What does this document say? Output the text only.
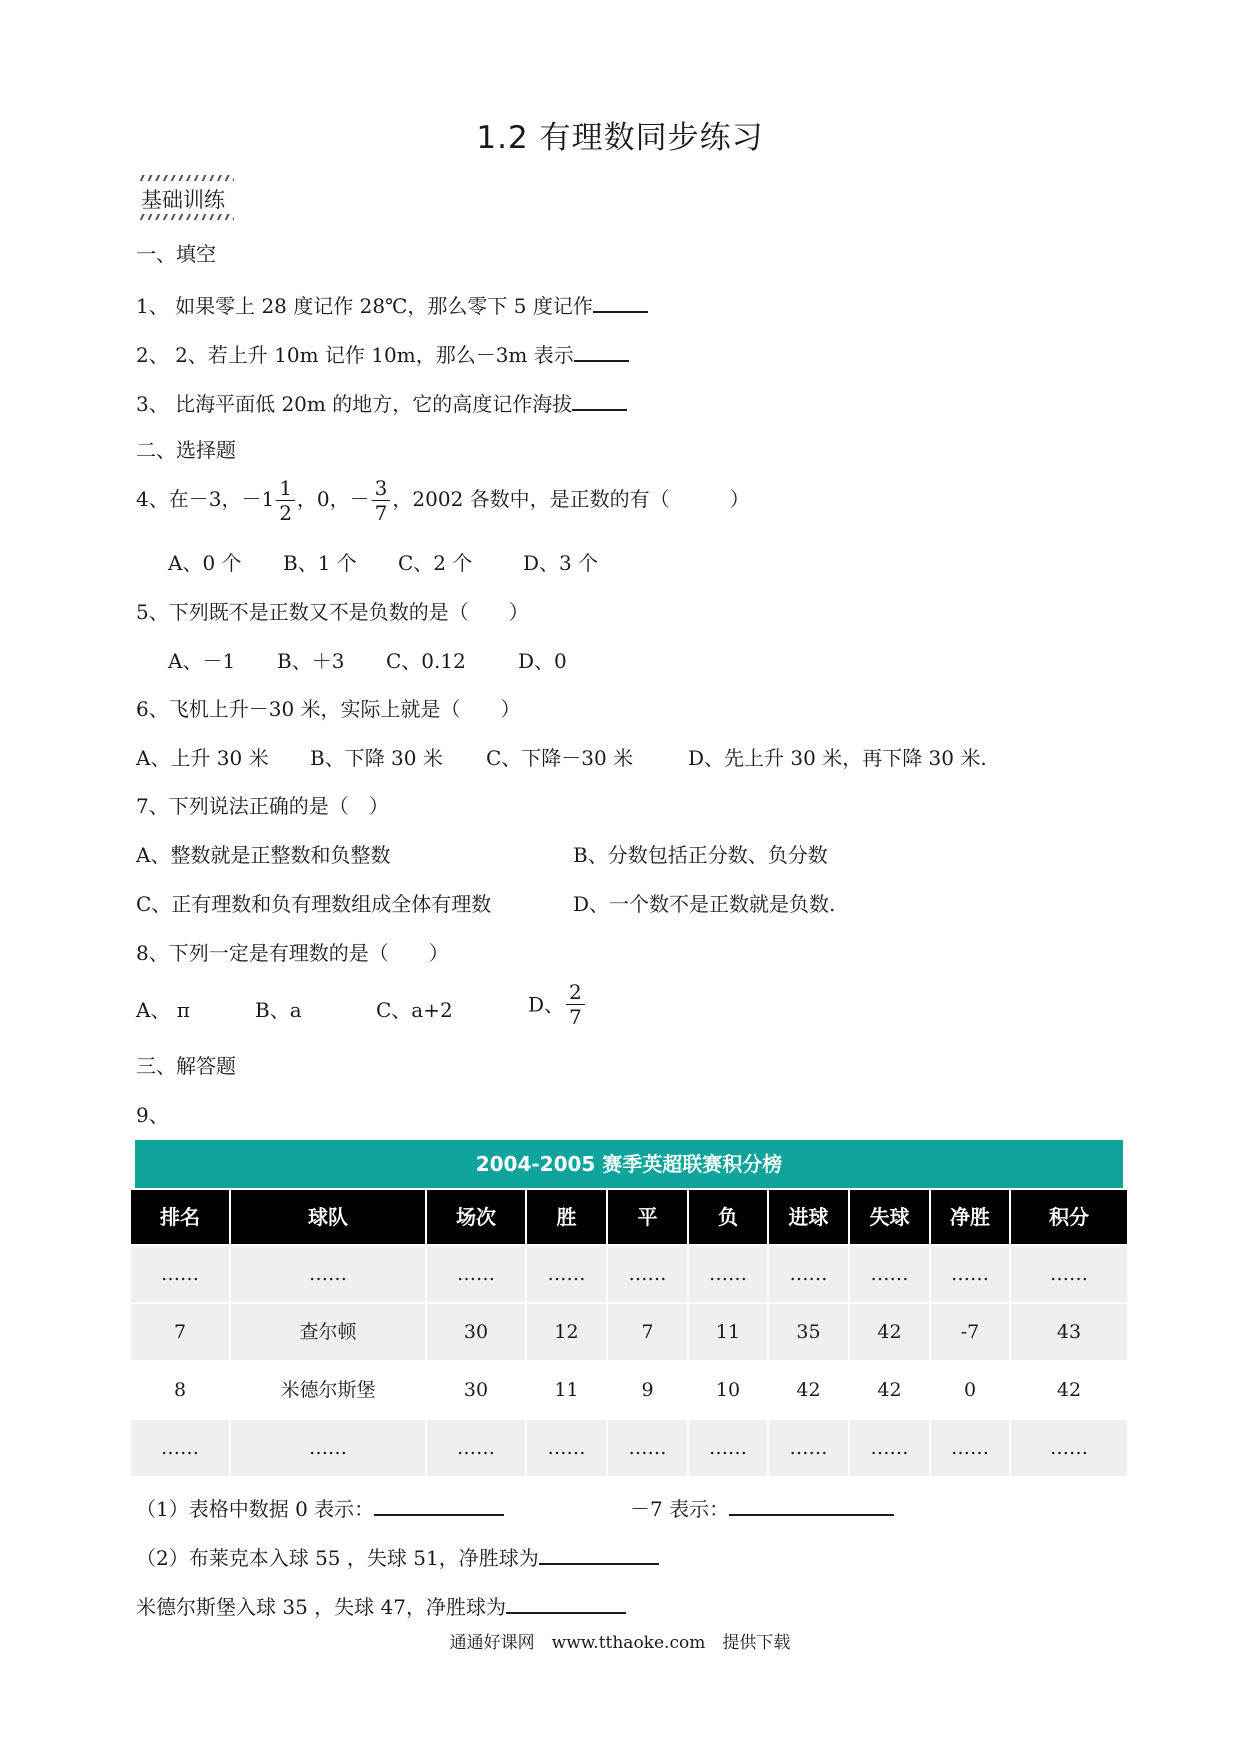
1.2 有理数同步练习
基础训练
一、填空
1、 如果零上 28 度记作 28℃，那么零下 5 度记作
2、 2、若上升 10m 记作 10m，那么－3m 表示
3、 比海平面低 20m 的地方，它的高度记作海拔
二、选择题
4、在－3，$-1 \frac{1}{2}$ ，0，－ $\frac{3}{7}$ ，2002 各数中，是正数的有（　　　）
A、0 个 B、1 个 C、2 个	D、3 个
5、下列既不是正数又不是负数的是（　　）
A、－1 B、＋3 C、0.12	D、0
6、飞机上升－30 米，实际上就是（　　）
A、上升 30 米 B、下降 30 米 C、下降－30 米	D、先上升 30 米，再下降 30 米.
7、下列说法正确的是（　）
A、整数就是正整数和负整数	B、分数包括正分数、负分数
C、正有理数和负有理数组成全体有理数	D、一个数不是正数就是负数.
8、下列一定是有理数的是（　　）
A、 π	B、a	C、a+2	D、 $\frac{2}{7}$
三、解答题
9、
2004-2005 赛季英超联赛积分榜
排名	球队	场次	胜	平	负	进球	失球	净胜	积分
……	……	……	……	……	……	……	……	……	……
7	查尔顿	30	12	7	11	35	42	-7	43
8	米德尔斯堡	30	11	9	10	42	42	0	42
……	……	……	……	……	……	……	……	……	……
（1）表格中数据 0 表示：	－7 表示：
（2）布莱克本入球 55 ，失球 51，净胜球为
米德尔斯堡入球 35 ，失球 47，净胜球为
通通好课网　www.tthaoke.com　提供下载
